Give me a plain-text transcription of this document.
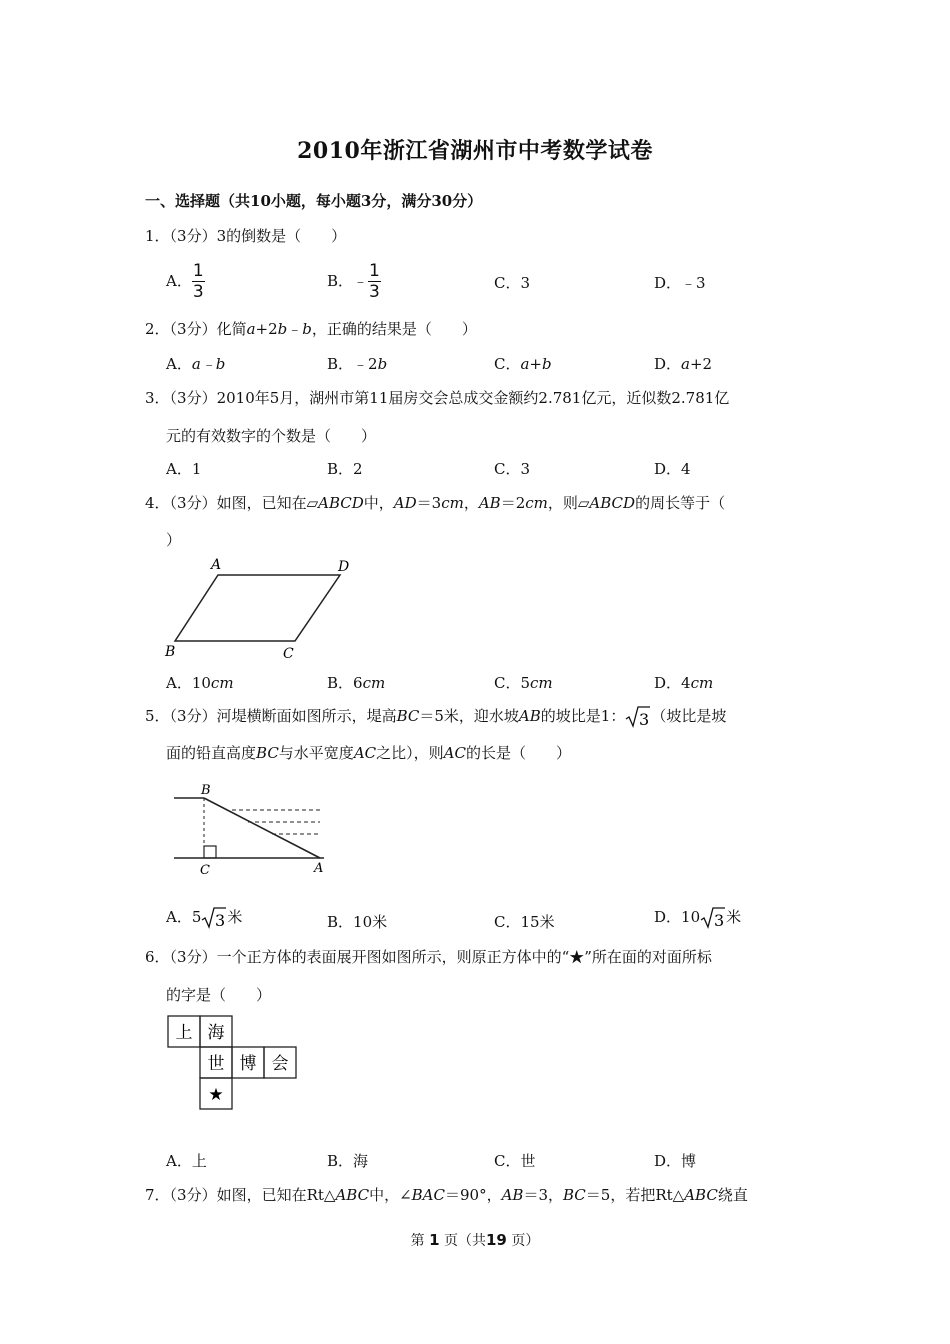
2010年浙江省湖州市中考数学试卷
一、选择题（共10小题，每小题3分，满分30分）
1．（3分）3的倒数是（　　）
A． $\frac{1}{3}$	B．﹣ $\frac{1}{3}$	C．3	D．﹣3
2．（3分）化简a+2b﹣b，正确的结果是（　　）
A．a﹣b	B．﹣2b	C．a+b	D．a+2
3．（3分）2010年5月，湖州市第11届房交会总成交金额约2.781亿元，近似数2.781亿
元的有效数字的个数是（　　）
A．1	B．2	C．3	D．4
4．（3分）如图，已知在▱ABCD中，AD＝3cm，AB＝2cm，则▱ABCD的周长等于（
）
A	D
B	C
A．10cm	B．6cm	C．5cm	D．4cm
5．（3分）河堤横断面如图所示，堤高BC＝5米，迎水坡AB的坡比是1： 3 （坡比是坡
面的铅直高度BC与水平宽度AC之比），则AC的长是（　　）
B
C	A
A．5 3 米	B．10米	C．15米	D．10 3 米
6．（3分）一个正方体的表面展开图如图所示，则原正方体中的“★”所在面的对面所标
的字是（　　）
上 海
世 博 会
★
A．上	B．海	C．世	D．博
7．（3分）如图，已知在Rt△ABC中，∠BAC＝90°，AB＝3，BC＝5，若把Rt△ABC绕直
第 1 页（共19 页）
